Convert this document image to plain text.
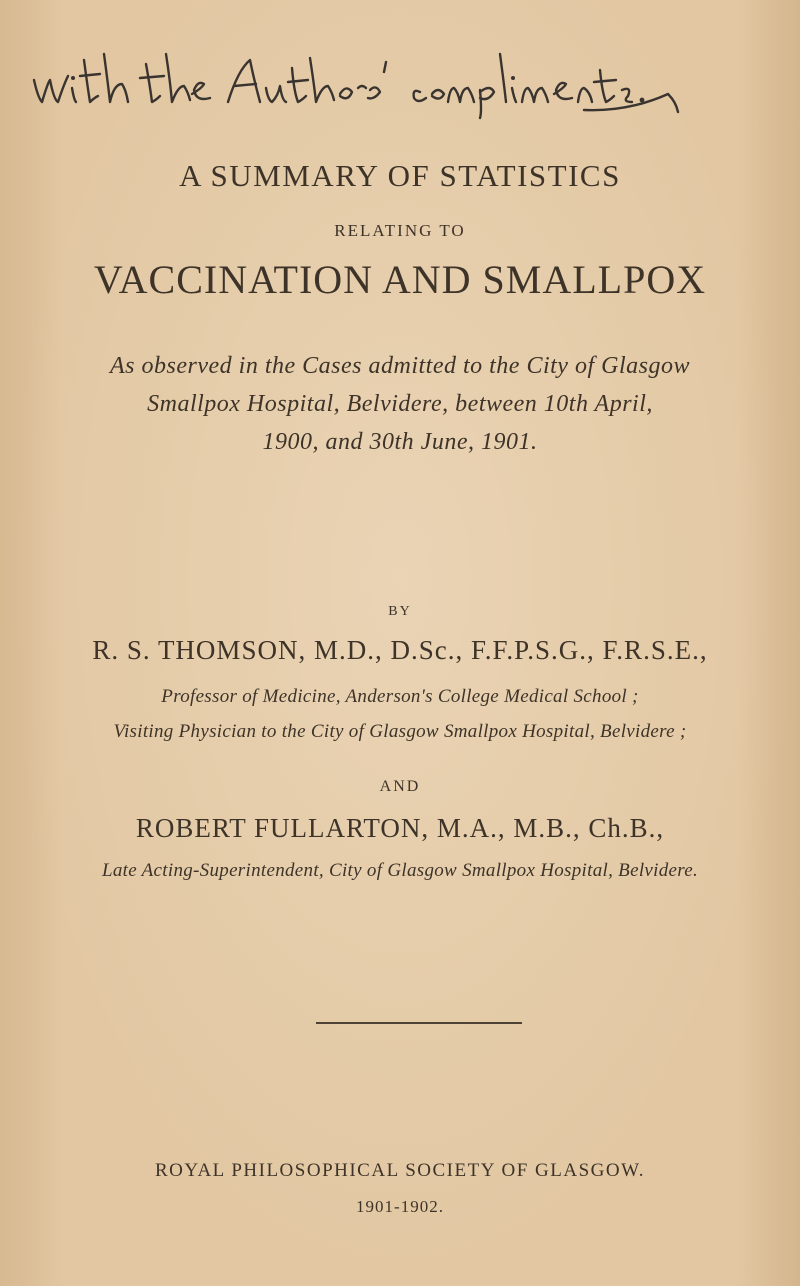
A SUMMARY OF STATISTICS
RELATING TO
VACCINATION AND SMALLPOX
As observed in the Cases admitted to the City of Glasgow
Smallpox Hospital, Belvidere, between 10th April,
1900, and 30th June, 1901.
BY
R. S. THOMSON, M.D., D.Sc., F.F.P.S.G., F.R.S.E.,
Professor of Medicine, Anderson's College Medical School ;
Visiting Physician to the City of Glasgow Smallpox Hospital, Belvidere ;
AND
ROBERT FULLARTON, M.A., M.B., Ch.B.,
Late Acting-Superintendent, City of Glasgow Smallpox Hospital, Belvidere.
ROYAL PHILOSOPHICAL SOCIETY OF GLASGOW.
1901-1902.
